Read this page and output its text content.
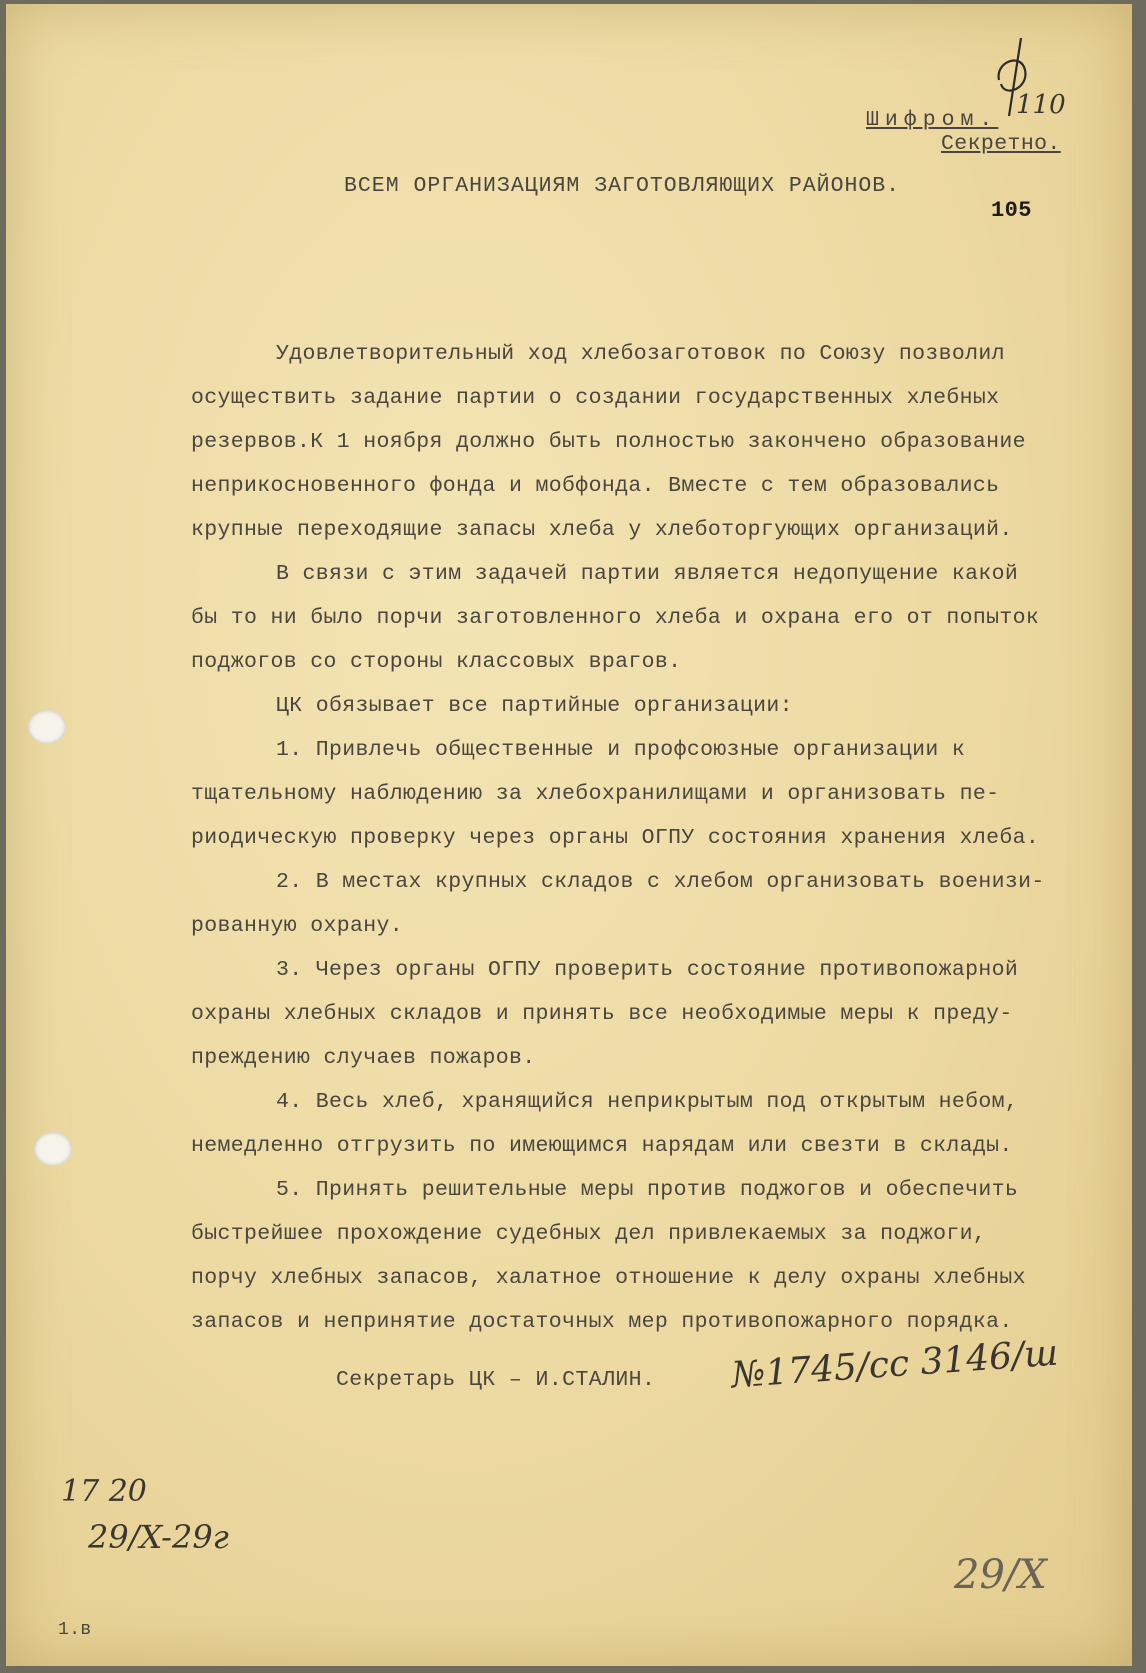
Шифром. 110
Секретно.
ВСЕМ ОРГАНИЗАЦИЯМ ЗАГОТОВЛЯЮЩИХ РАЙОНОВ.
105
Удовлетворительный ход хлебозаготовок по Союзу позволил
осуществить задание партии о создании государственных хлебных
резервов.К 1 ноября должно быть полностью закончено образование
неприкосновенного фонда и мобфонда. Вместе с тем образовались
крупные переходящие запасы хлеба у хлеботоргующих организаций.
В связи с этим задачей партии является недопущение какой
бы то ни было порчи заготовленного хлеба и охрана его от попыток
поджогов со стороны классовых врагов.
ЦК обязывает все партийные организации:
1. Привлечь общественные и профсоюзные организации к
тщательному наблюдению за хлебохранилищами и организовать пе-
риодическую проверку через органы ОГПУ состояния хранения хлеба.
2. В местах крупных складов с хлебом организовать военизи-
рованную охрану.
3. Через органы ОГПУ проверить состояние противопожарной
охраны хлебных складов и принять все необходимые меры к преду-
преждению случаев пожаров.
4. Весь хлеб, хранящийся неприкрытым под открытым небом,
немедленно отгрузить по имеющимся нарядам или свезти в склады.
5. Принять решительные меры против поджогов и обеспечить
быстрейшее прохождение судебных дел привлекаемых за поджоги,
порчу хлебных запасов, халатное отношение к делу охраны хлебных
запасов и непринятие достаточных мер противопожарного порядка.
Секретарь ЦК – И.СТАЛИН. №1745/сс 3146/ш
17 20
29/X-29г
1.в
29/X
